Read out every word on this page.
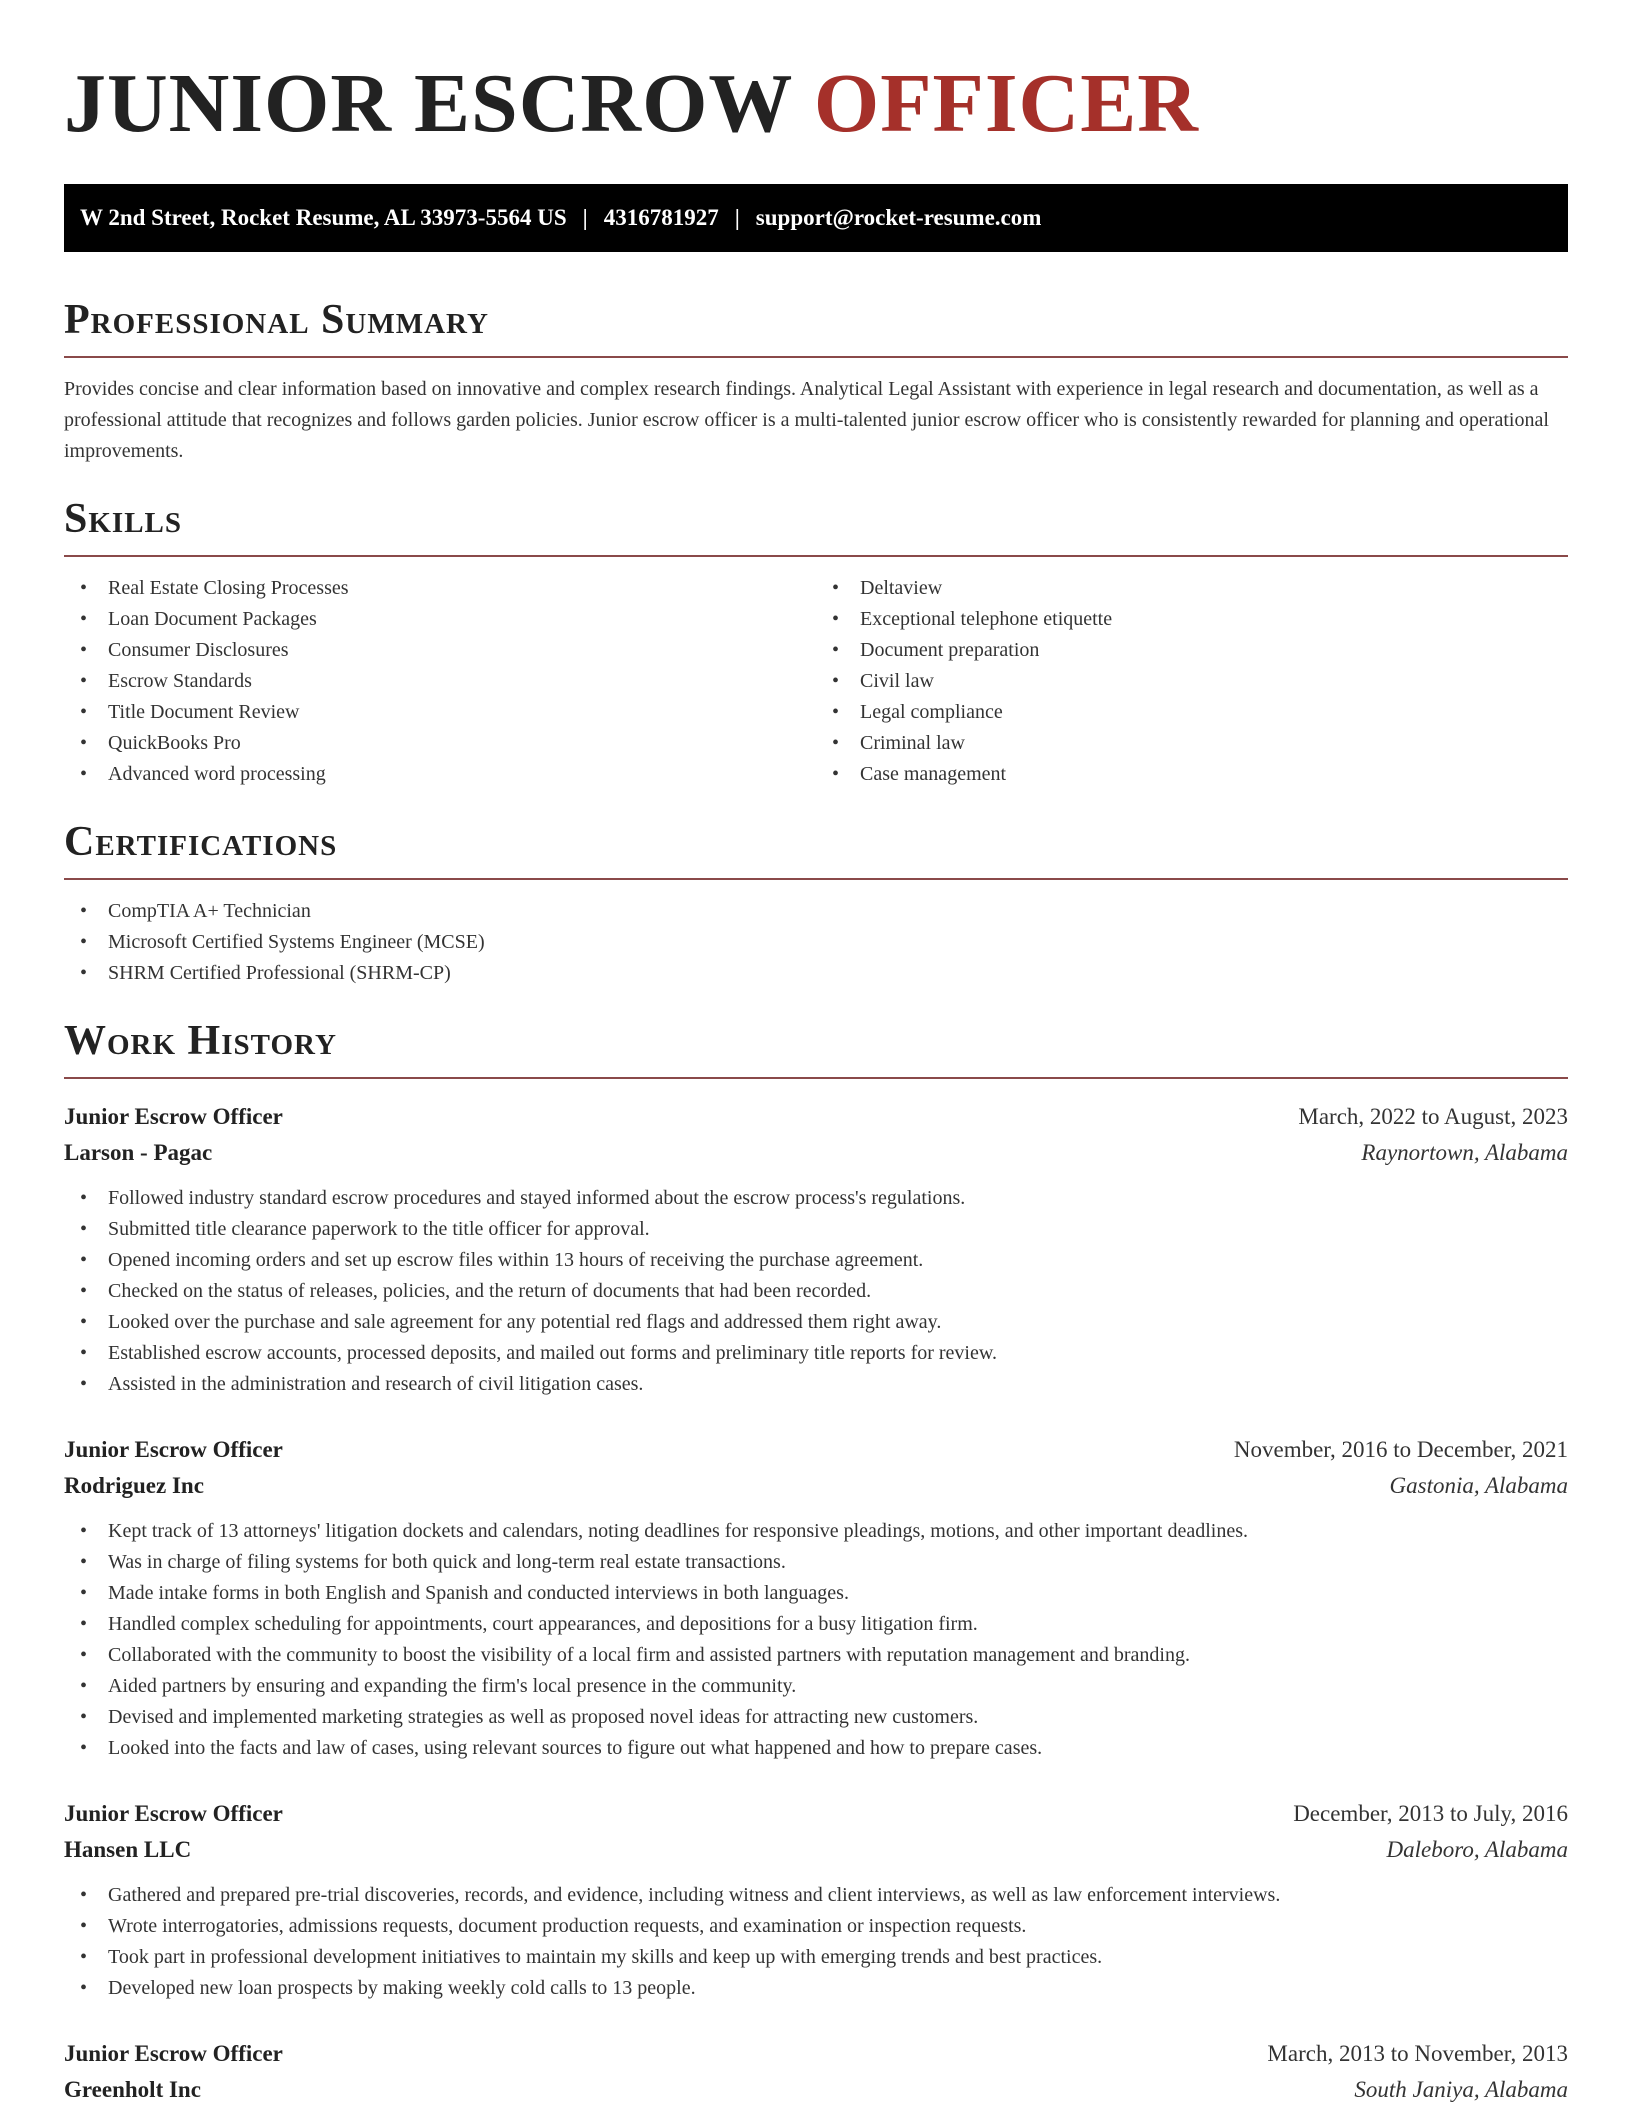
JUNIOR ESCROW OFFICER
W 2nd Street, Rocket Resume, AL 33973-5564 US | 4316781927 | support@rocket-resume.com
Professional Summary

Provides concise and clear information based on innovative and complex research findings. Analytical Legal Assistant with experience in legal research and documentation, as well as a professional attitude that recognizes and follows garden policies. Junior escrow officer is a multi-talented junior escrow officer who is consistently rewarded for planning and operational improvements.

Skills
• Real Estate Closing Processes
• Loan Document Packages
• Consumer Disclosures
• Escrow Standards
• Title Document Review
• QuickBooks Pro
• Advanced word processing
• Deltaview
• Exceptional telephone etiquette
• Document preparation
• Civil law
• Legal compliance
• Criminal law
• Case management
Certifications
• CompTIA A+ Technician
• Microsoft Certified Systems Engineer (MCSE)
• SHRM Certified Professional (SHRM-CP)
Work History
Junior Escrow Officer	March, 2022 to August, 2023
Larson - Pagac	Raynortown, Alabama
• Followed industry standard escrow procedures and stayed informed about the escrow process's regulations.
• Submitted title clearance paperwork to the title officer for approval.
• Opened incoming orders and set up escrow files within 13 hours of receiving the purchase agreement.
• Checked on the status of releases, policies, and the return of documents that had been recorded.
• Looked over the purchase and sale agreement for any potential red flags and addressed them right away.
• Established escrow accounts, processed deposits, and mailed out forms and preliminary title reports for review.
• Assisted in the administration and research of civil litigation cases.
Junior Escrow Officer	November, 2016 to December, 2021
Rodriguez Inc	Gastonia, Alabama
• Kept track of 13 attorneys' litigation dockets and calendars, noting deadlines for responsive pleadings, motions, and other important deadlines.
• Was in charge of filing systems for both quick and long-term real estate transactions.
• Made intake forms in both English and Spanish and conducted interviews in both languages.
• Handled complex scheduling for appointments, court appearances, and depositions for a busy litigation firm.
• Collaborated with the community to boost the visibility of a local firm and assisted partners with reputation management and branding.
• Aided partners by ensuring and expanding the firm's local presence in the community.
• Devised and implemented marketing strategies as well as proposed novel ideas for attracting new customers.
• Looked into the facts and law of cases, using relevant sources to figure out what happened and how to prepare cases.
Junior Escrow Officer	December, 2013 to July, 2016
Hansen LLC	Daleboro, Alabama
• Gathered and prepared pre-trial discoveries, records, and evidence, including witness and client interviews, as well as law enforcement interviews.
• Wrote interrogatories, admissions requests, document production requests, and examination or inspection requests.
• Took part in professional development initiatives to maintain my skills and keep up with emerging trends and best practices.
• Developed new loan prospects by making weekly cold calls to 13 people.
Junior Escrow Officer	March, 2013 to November, 2013
Greenholt Inc	South Janiya, Alabama
